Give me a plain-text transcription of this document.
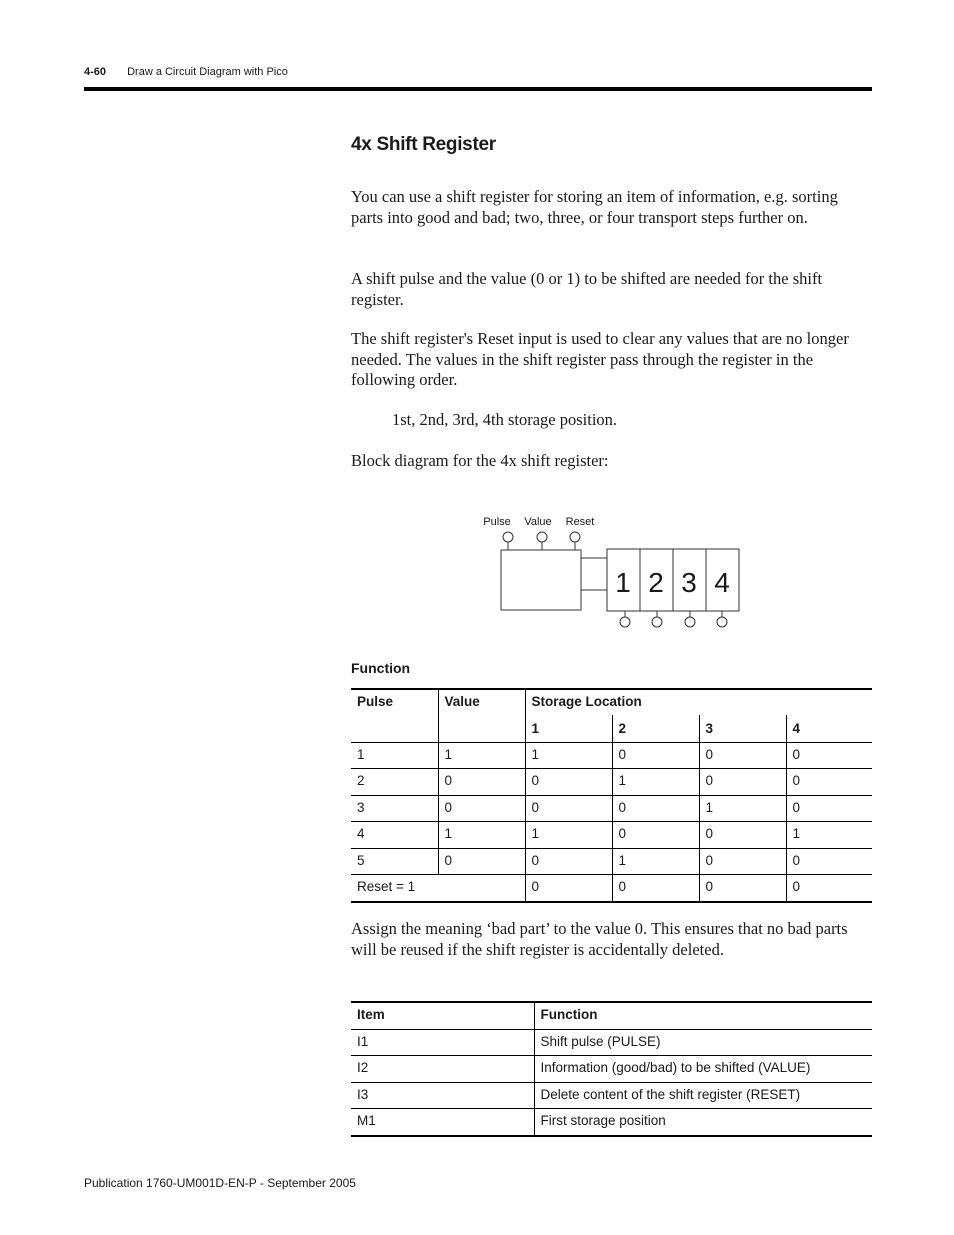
4-60 Draw a Circuit Diagram with Pico
4x Shift Register

You can use a shift register for storing an item of information, e.g. sorting parts into good and bad; two, three, or four transport steps further on.

A shift pulse and the value (0 or 1) to be shifted are needed for the shift register.

The shift register's Reset input is used to clear any values that are no longer needed. The values in the shift register pass through the register in the following order.

1st, 2nd, 3rd, 4th storage position.

Block diagram for the 4x shift register:

Pulse Value Reset
1 2 3 4

Function

Pulse	Value	Storage Location			
		1	2	3	4
1	1	1	0	0	0
2	0	0	1	0	0
3	0	0	0	1	0
4	1	1	0	0	1
5	0	0	1	0	0
Reset = 1		0	0	0	0

Assign the meaning ‘bad part’ to the value 0. This ensures that no bad parts will be reused if the shift register is accidentally deleted.

Item	Function
I1	Shift pulse (PULSE)
I2	Information (good/bad) to be shifted (VALUE)
I3	Delete content of the shift register (RESET)
M1	First storage position
Publication 1760-UM001D-EN-P - September 2005
